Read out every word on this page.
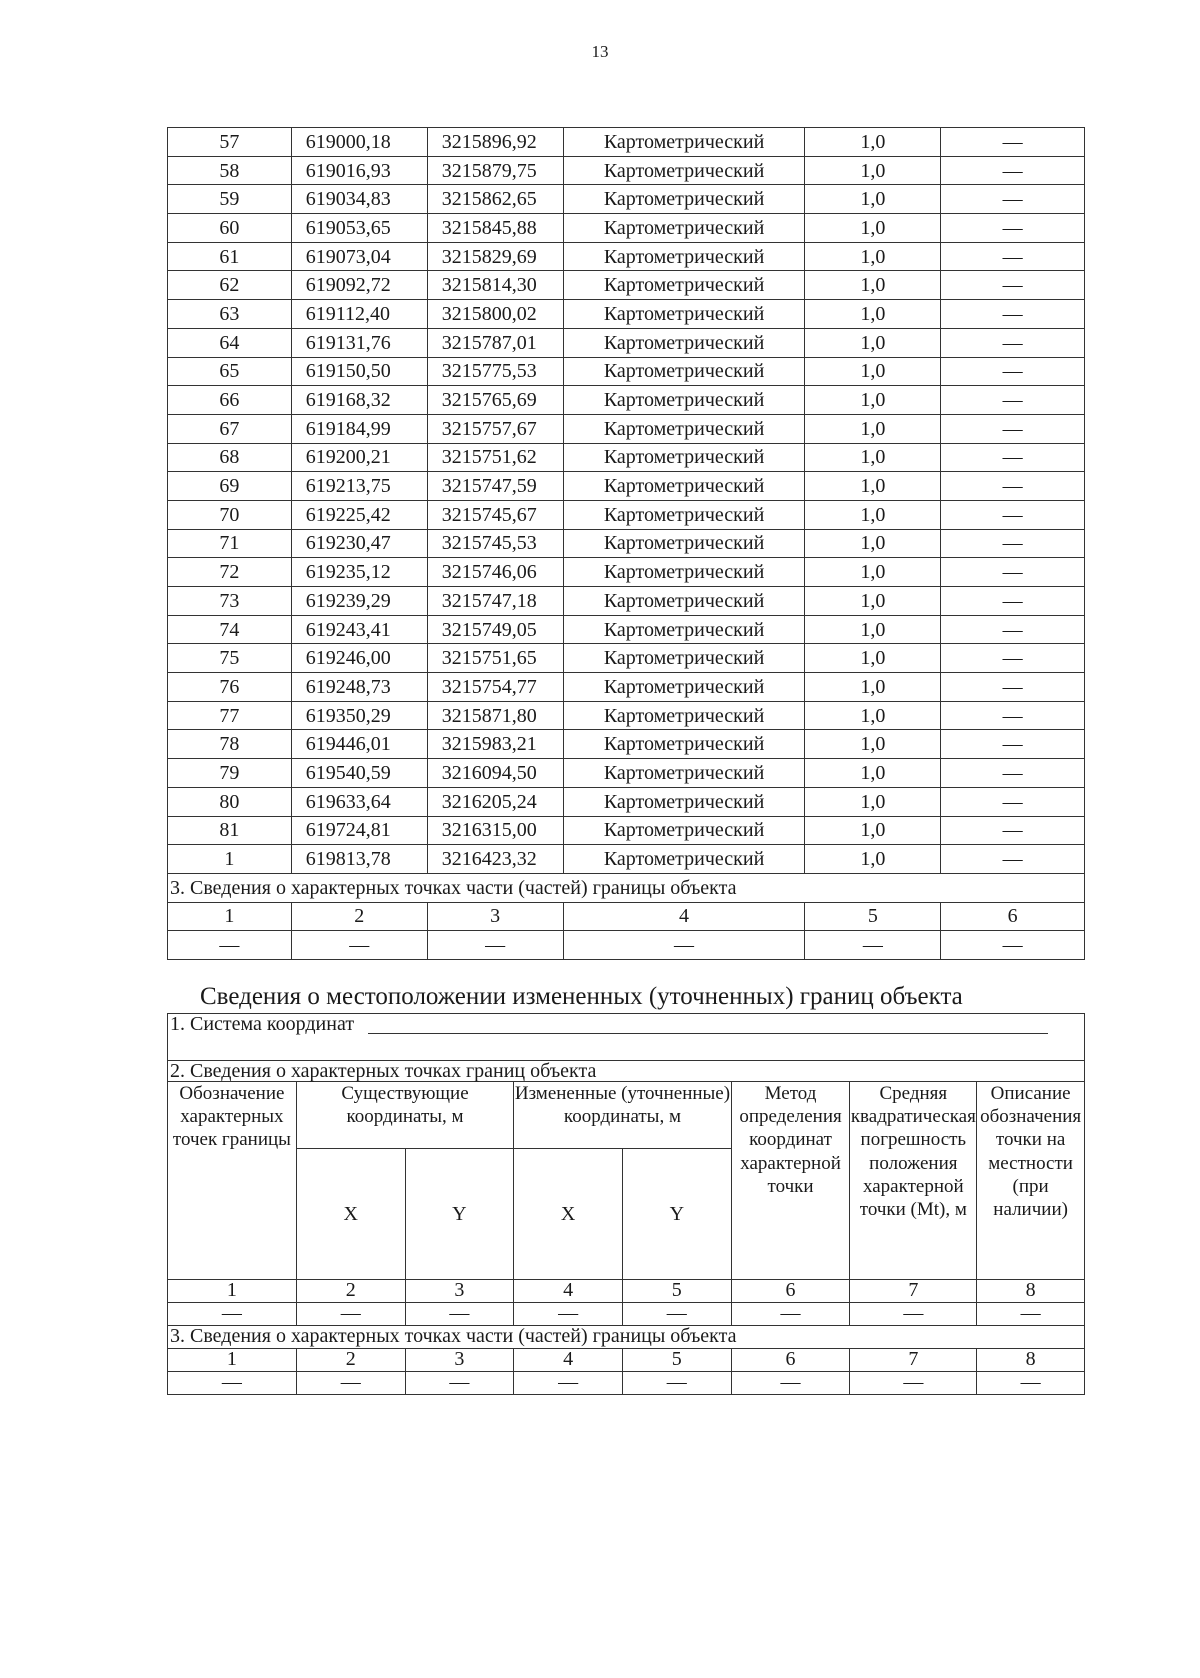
13
57	619000,18	3215896,92	Картометрический	1,0	—
58	619016,93	3215879,75	Картометрический	1,0	—
59	619034,83	3215862,65	Картометрический	1,0	—
60	619053,65	3215845,88	Картометрический	1,0	—
61	619073,04	3215829,69	Картометрический	1,0	—
62	619092,72	3215814,30	Картометрический	1,0	—
63	619112,40	3215800,02	Картометрический	1,0	—
64	619131,76	3215787,01	Картометрический	1,0	—
65	619150,50	3215775,53	Картометрический	1,0	—
66	619168,32	3215765,69	Картометрический	1,0	—
67	619184,99	3215757,67	Картометрический	1,0	—
68	619200,21	3215751,62	Картометрический	1,0	—
69	619213,75	3215747,59	Картометрический	1,0	—
70	619225,42	3215745,67	Картометрический	1,0	—
71	619230,47	3215745,53	Картометрический	1,0	—
72	619235,12	3215746,06	Картометрический	1,0	—
73	619239,29	3215747,18	Картометрический	1,0	—
74	619243,41	3215749,05	Картометрический	1,0	—
75	619246,00	3215751,65	Картометрический	1,0	—
76	619248,73	3215754,77	Картометрический	1,0	—
77	619350,29	3215871,80	Картометрический	1,0	—
78	619446,01	3215983,21	Картометрический	1,0	—
79	619540,59	3216094,50	Картометрический	1,0	—
80	619633,64	3216205,24	Картометрический	1,0	—
81	619724,81	3216315,00	Картометрический	1,0	—
1	619813,78	3216423,32	Картометрический	1,0	—
3. Сведения о характерных точках части (частей) границы объекта					
1	2	3	4	5	6
—	—	—	—	—	—
Сведения о местоположении измененных (уточненных) границ объекта
1. Система координат							

2. Сведения о характерных точках границ объекта							
Обозначение характерных точек границы	Существующие координаты, м		Измененные (уточненные) координаты, м		Метод определения координат характерной точки	Средняя квадратическая погрешность положения характерной точки (Mt), м	Описание обозначения точки на местности (при наличии)
	X	Y	X	Y			
1	2	3	4	5	6	7	8
—	—	—	—	—	—	—	—
3. Сведения о характерных точках части (частей) границы объекта							
1	2	3	4	5	6	7	8
—	—	—	—	—	—	—	—
